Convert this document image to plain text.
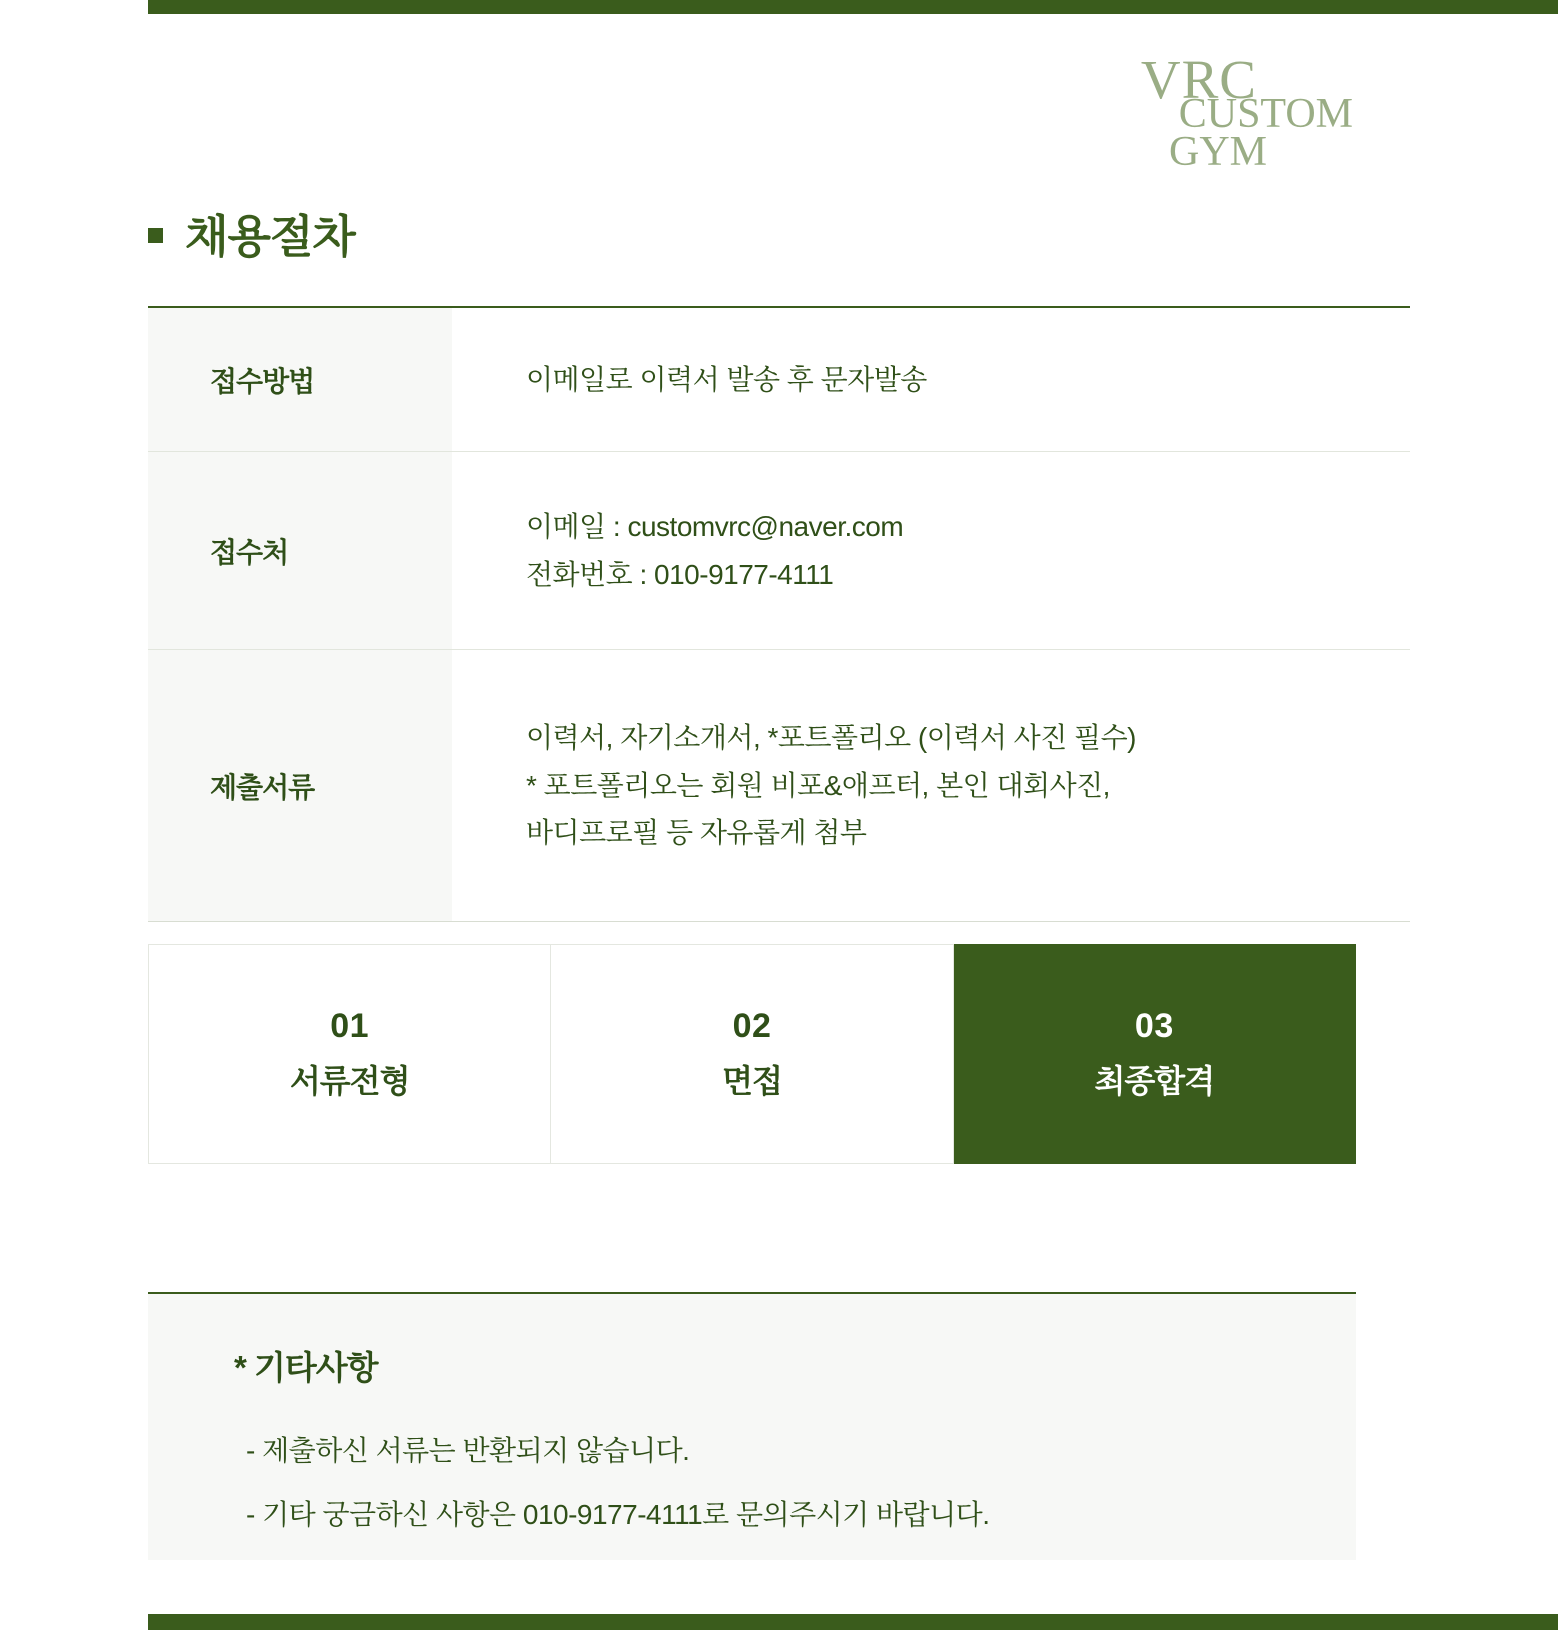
VRC
CUSTOM
GYM
채용절차
접수방법	이메일로 이력서 발송 후 문자발송
접수처
이메일 : customvrc@naver.com
전화번호 : 010-9177-4111
제출서류
이력서, 자기소개서, *포트폴리오 (이력서 사진 필수)
* 포트폴리오는 회원 비포&애프터, 본인 대회사진,
바디프로필 등 자유롭게 첨부
01
서류전형
02
면접
03
최종합격
* 기타사항

- 제출하신 서류는 반환되지 않습니다.

- 기타 궁금하신 사항은 010-9177-4111로 문의주시기 바랍니다.
